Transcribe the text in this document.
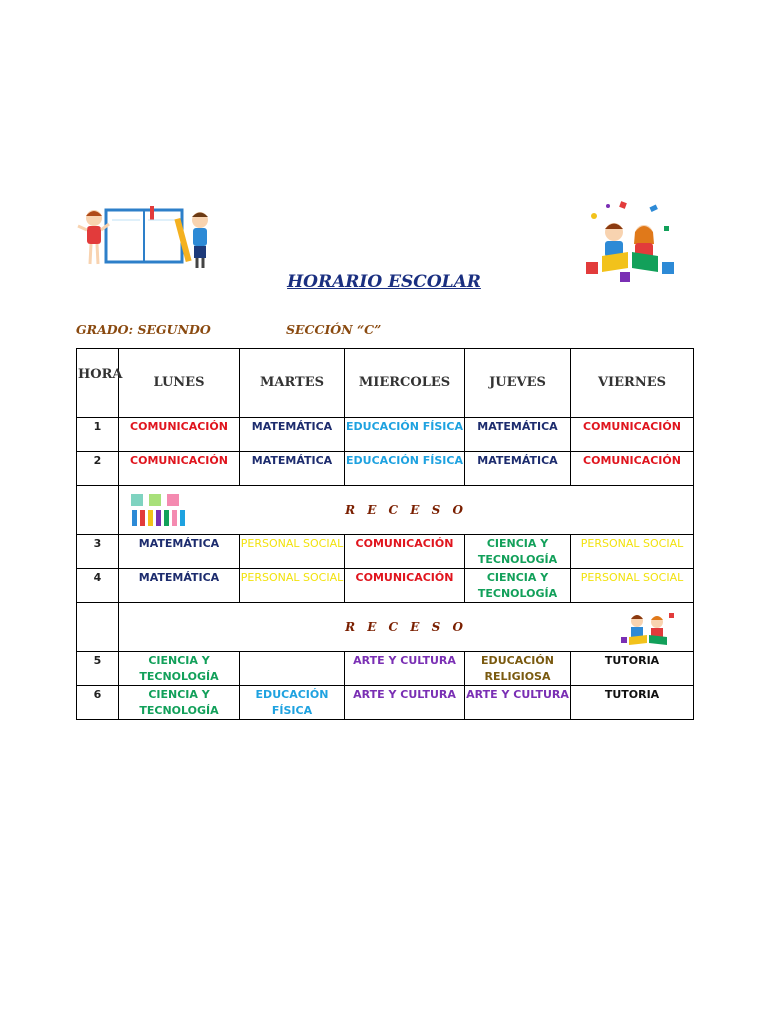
HORARIO ESCOLAR
GRADO: SEGUNDO	SECCIÓN “C”
HORA	LUNES	MARTES	MIERCOLES	JUEVES	VIERNES
1	COMUNICACIÓN	MATEMÁTICA	EDUCACIÓN FÍSICA	MATEMÁTICA	COMUNICACIÓN
2	COMUNICACIÓN	MATEMÁTICA	EDUCACIÓN FÍSICA	MATEMÁTICA	COMUNICACIÓN

R E C E S O				
3	MATEMÁTICA	PERSONAL SOCIAL	COMUNICACIÓN	CIENCIA Y TECNOLOGÍA	PERSONAL SOCIAL
4	MATEMÁTICA	PERSONAL SOCIAL	COMUNICACIÓN	CIENCIA Y TECNOLOGÍA	PERSONAL SOCIAL
	R E C E S O				

5	CIENCIA Y TECNOLOGÍA		ARTE Y CULTURA	EDUCACIÓN RELIGIOSA	TUTORIA
6	CIENCIA Y TECNOLOGÍA	EDUCACIÓN FÍSICA	ARTE Y CULTURA	ARTE Y CULTURA	TUTORIA
